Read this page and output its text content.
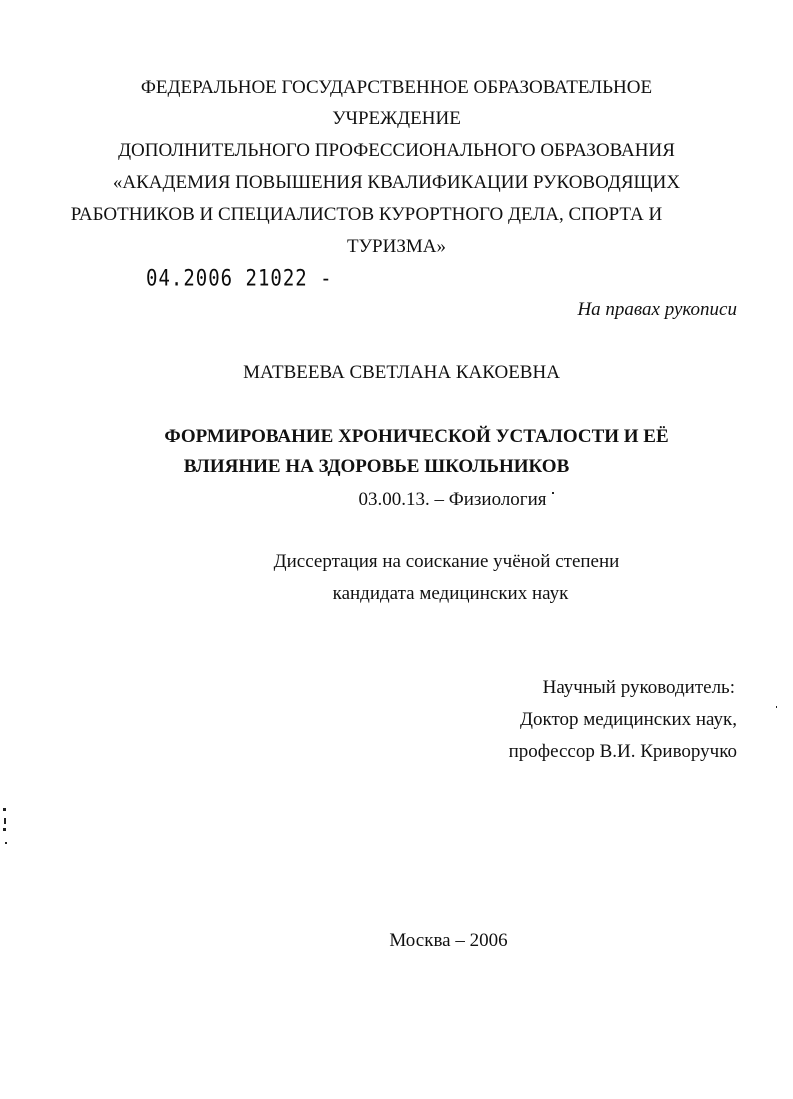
ФЕДЕРАЛЬНОЕ ГОСУДАРСТВЕННОЕ ОБРАЗОВАТЕЛЬНОЕ
УЧРЕЖДЕНИЕ
ДОПОЛНИТЕЛЬНОГО ПРОФЕССИОНАЛЬНОГО ОБРАЗОВАНИЯ
«АКАДЕМИЯ ПОВЫШЕНИЯ КВАЛИФИКАЦИИ РУКОВОДЯЩИХ
РАБОТНИКОВ И СПЕЦИАЛИСТОВ КУРОРТНОГО ДЕЛА, СПОРТА И
ТУРИЗМА»
04.2006 21022 -
На правах рукописи
МАТВЕЕВА СВЕТЛАНА КАКОЕВНА
ФОРМИРОВАНИЕ ХРОНИЧЕСКОЙ УСТАЛОСТИ И ЕЁ
ВЛИЯНИЕ НА ЗДОРОВЬЕ ШКОЛЬНИКОВ
03.00.13. – Физиология
Диссертация на соискание учёной степени
кандидата медицинских наук
Научный руководитель:
Доктор медицинских наук,
профессор В.И. Криворучко
Москва – 2006
